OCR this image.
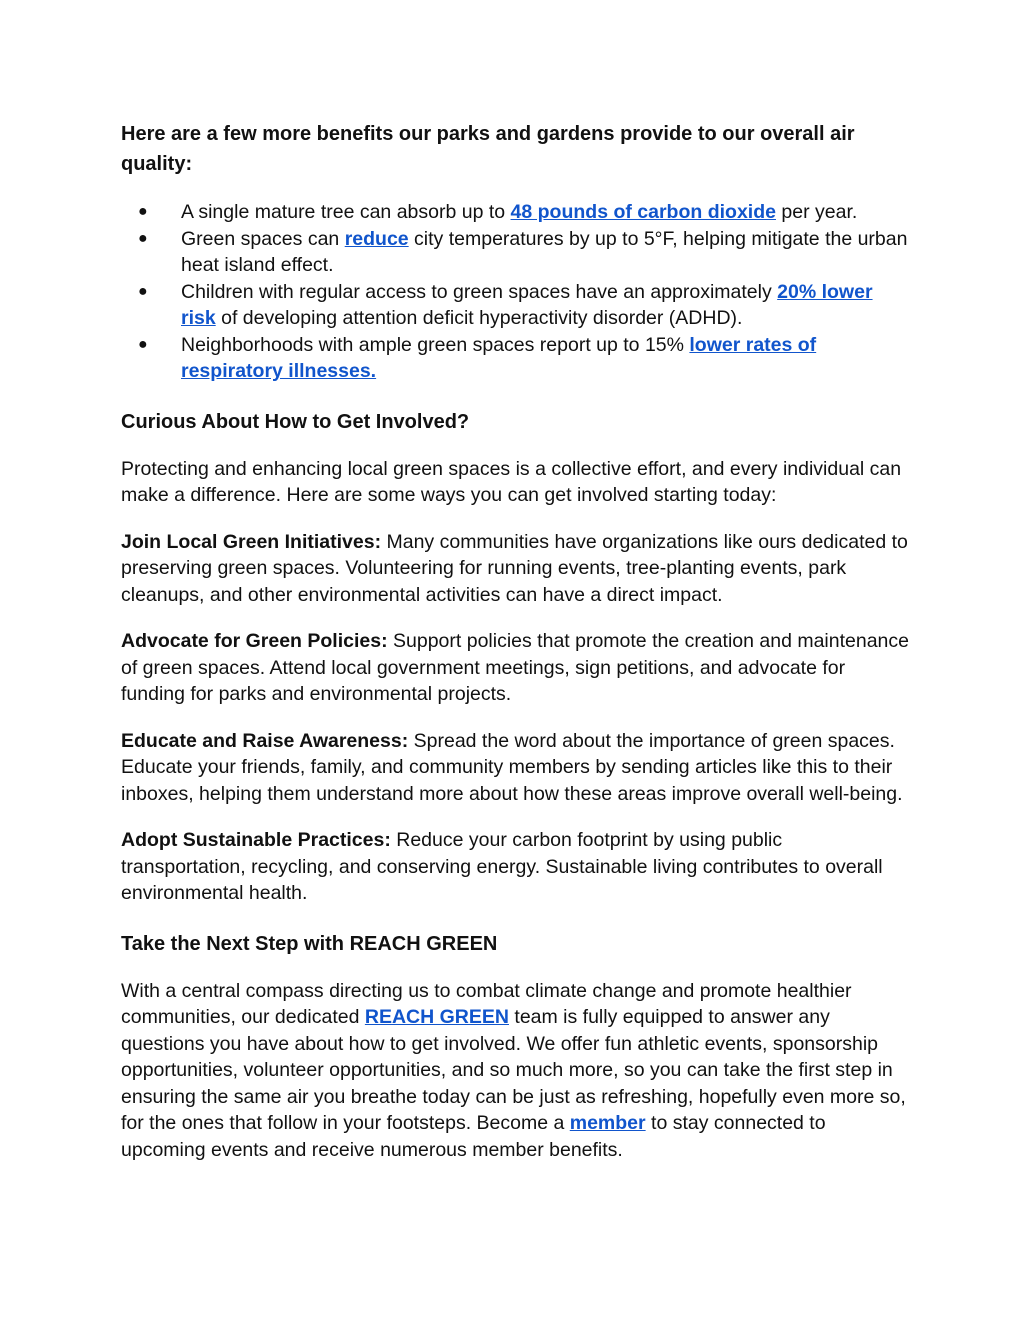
Here are a few more benefits our parks and gardens provide to our overall air quality:
● A single mature tree can absorb up to 48 pounds of carbon dioxide per year.
● Green spaces can reduce city temperatures by up to 5°F, helping mitigate the urban heat island effect.
● Children with regular access to green spaces have an approximately 20% lower risk of developing attention deficit hyperactivity disorder (ADHD).
● Neighborhoods with ample green spaces report up to 15% lower rates of respiratory illnesses.
Curious About How to Get Involved?

Protecting and enhancing local green spaces is a collective effort, and every individual can make a difference. Here are some ways you can get involved starting today:

Join Local Green Initiatives: Many communities have organizations like ours dedicated to preserving green spaces. Volunteering for running events, tree-planting events, park cleanups, and other environmental activities can have a direct impact.

Advocate for Green Policies: Support policies that promote the creation and maintenance of green spaces. Attend local government meetings, sign petitions, and advocate for funding for parks and environmental projects.

Educate and Raise Awareness: Spread the word about the importance of green spaces. Educate your friends, family, and community members by sending articles like this to their inboxes, helping them understand more about how these areas improve overall well-being.

Adopt Sustainable Practices: Reduce your carbon footprint by using public transportation, recycling, and conserving energy. Sustainable living contributes to overall environmental health.

Take the Next Step with REACH GREEN

With a central compass directing us to combat climate change and promote healthier communities, our dedicated REACH GREEN team is fully equipped to answer any questions you have about how to get involved. We offer fun athletic events, sponsorship opportunities, volunteer opportunities, and so much more, so you can take the first step in ensuring the same air you breathe today can be just as refreshing, hopefully even more so, for the ones that follow in your footsteps. Become a member to stay connected to upcoming events and receive numerous member benefits.
